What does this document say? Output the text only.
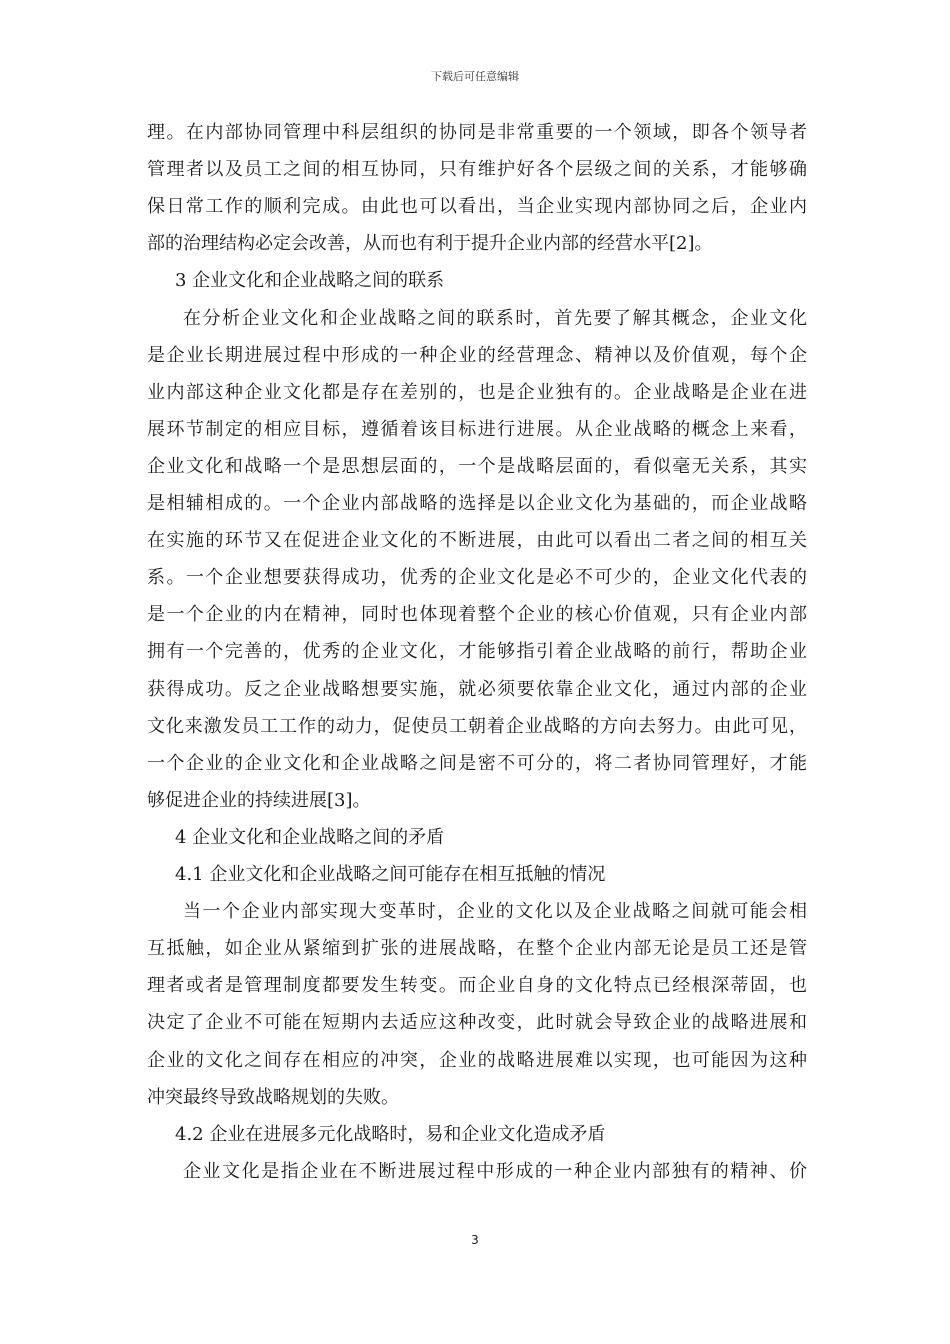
下载后可任意编辑
理。在内部协同管理中科层组织的协同是非常重要的一个领域，即各个领导者
管理者以及员工之间的相互协同，只有维护好各个层级之间的关系，才能够确
保日常工作的顺利完成。由此也可以看出，当企业实现内部协同之后，企业内
部的治理结构必定会改善，从而也有利于提升企业内部的经营水平[2]。
3 企业文化和企业战略之间的联系
在分析企业文化和企业战略之间的联系时，首先要了解其概念，企业文化
是企业长期进展过程中形成的一种企业的经营理念、精神以及价值观，每个企
业内部这种企业文化都是存在差别的，也是企业独有的。企业战略是企业在进
展环节制定的相应目标，遵循着该目标进行进展。从企业战略的概念上来看，
企业文化和战略一个是思想层面的，一个是战略层面的，看似毫无关系，其实
是相辅相成的。一个企业内部战略的选择是以企业文化为基础的，而企业战略
在实施的环节又在促进企业文化的不断进展，由此可以看出二者之间的相互关
系。一个企业想要获得成功，优秀的企业文化是必不可少的，企业文化代表的
是一个企业的内在精神，同时也体现着整个企业的核心价值观，只有企业内部
拥有一个完善的，优秀的企业文化，才能够指引着企业战略的前行，帮助企业
获得成功。反之企业战略想要实施，就必须要依靠企业文化，通过内部的企业
文化来激发员工工作的动力，促使员工朝着企业战略的方向去努力。由此可见，
一个企业的企业文化和企业战略之间是密不可分的，将二者协同管理好，才能
够促进企业的持续进展[3]。
4 企业文化和企业战略之间的矛盾
4.1 企业文化和企业战略之间可能存在相互抵触的情况
当一个企业内部实现大变革时，企业的文化以及企业战略之间就可能会相
互抵触，如企业从紧缩到扩张的进展战略，在整个企业内部无论是员工还是管
理者或者是管理制度都要发生转变。而企业自身的文化特点已经根深蒂固，也
决定了企业不可能在短期内去适应这种改变，此时就会导致企业的战略进展和
企业的文化之间存在相应的冲突，企业的战略进展难以实现，也可能因为这种
冲突最终导致战略规划的失败。
4.2 企业在进展多元化战略时，易和企业文化造成矛盾
企业文化是指企业在不断进展过程中形成的一种企业内部独有的精神、价
3
